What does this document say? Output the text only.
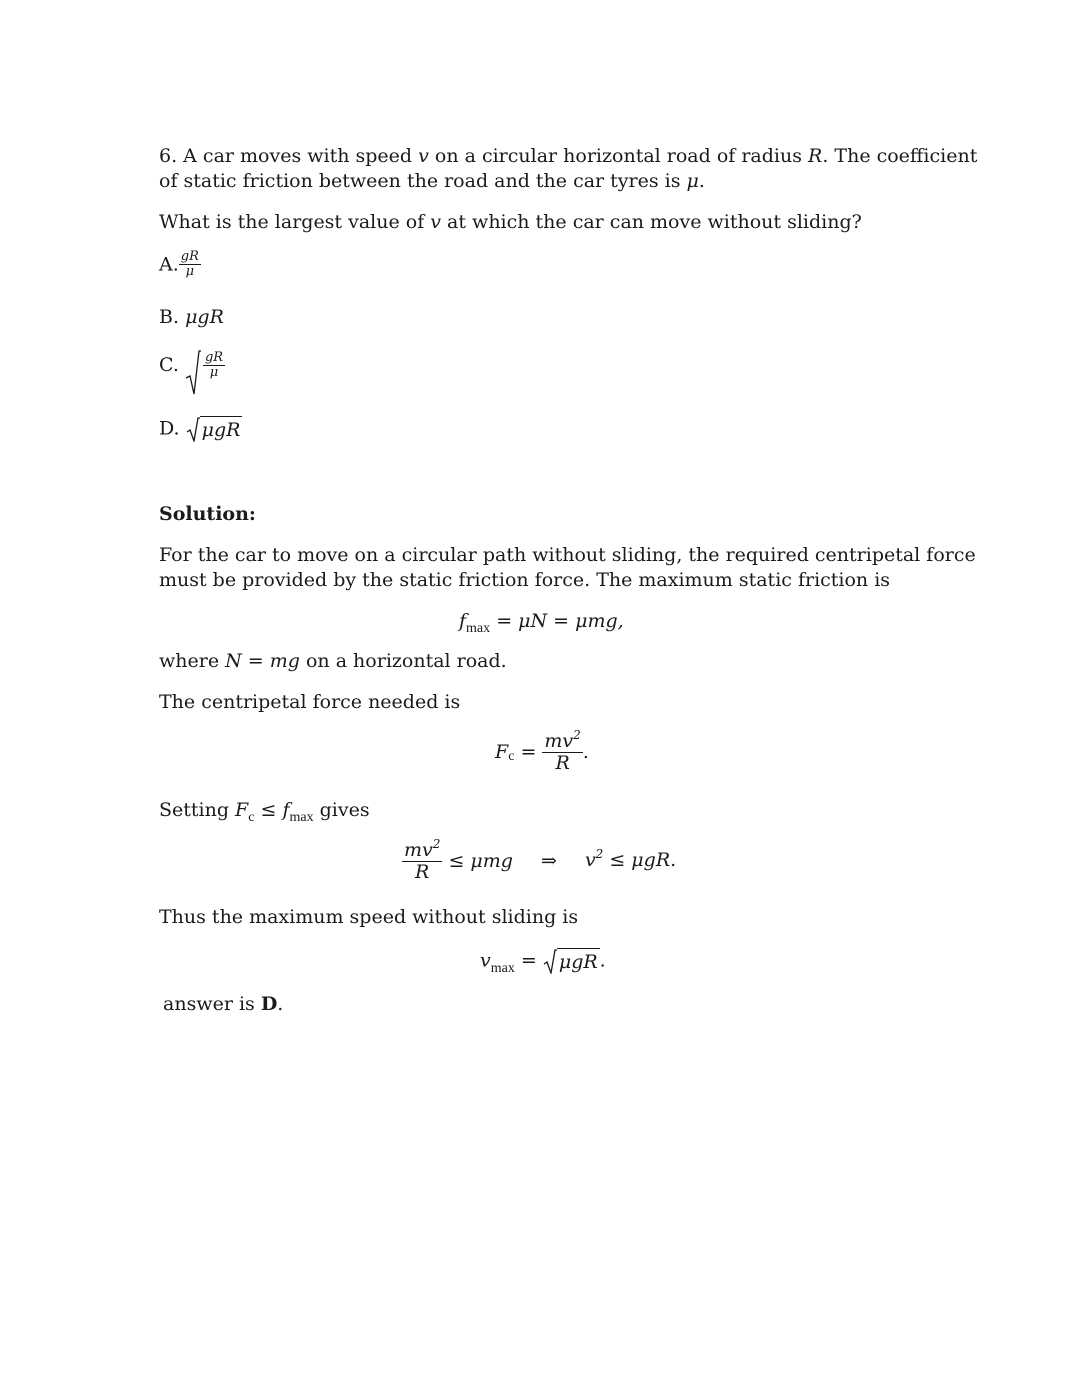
6. A car moves with speed v on a circular horizontal road of radius R. The coefficient
of static friction between the road and the car tyres is μ.
What is the largest value of v at which the car can move without sliding?
A. $\frac{gR}{\mu}$
B. μgR
C. $\frac{gR}{\mu}$
D. μgR
Solution:
For the car to move on a circular path without sliding, the required centripetal force
must be provided by the static friction force. The maximum static friction is
$f_{max} = \mu N = \mu mg$,
where N = mg on a horizontal road.
The centripetal force needed is
$F_c = \frac{mv^2}{R}$ .
Setting $F_c \le f_{max}$ gives
$\frac{mv^2}{R} \le \mu mg$ ⇒ $v^2 \le \mu gR$.
Thus the maximum speed without sliding is
$v_{max}$ =
μgR .
answer is D.
